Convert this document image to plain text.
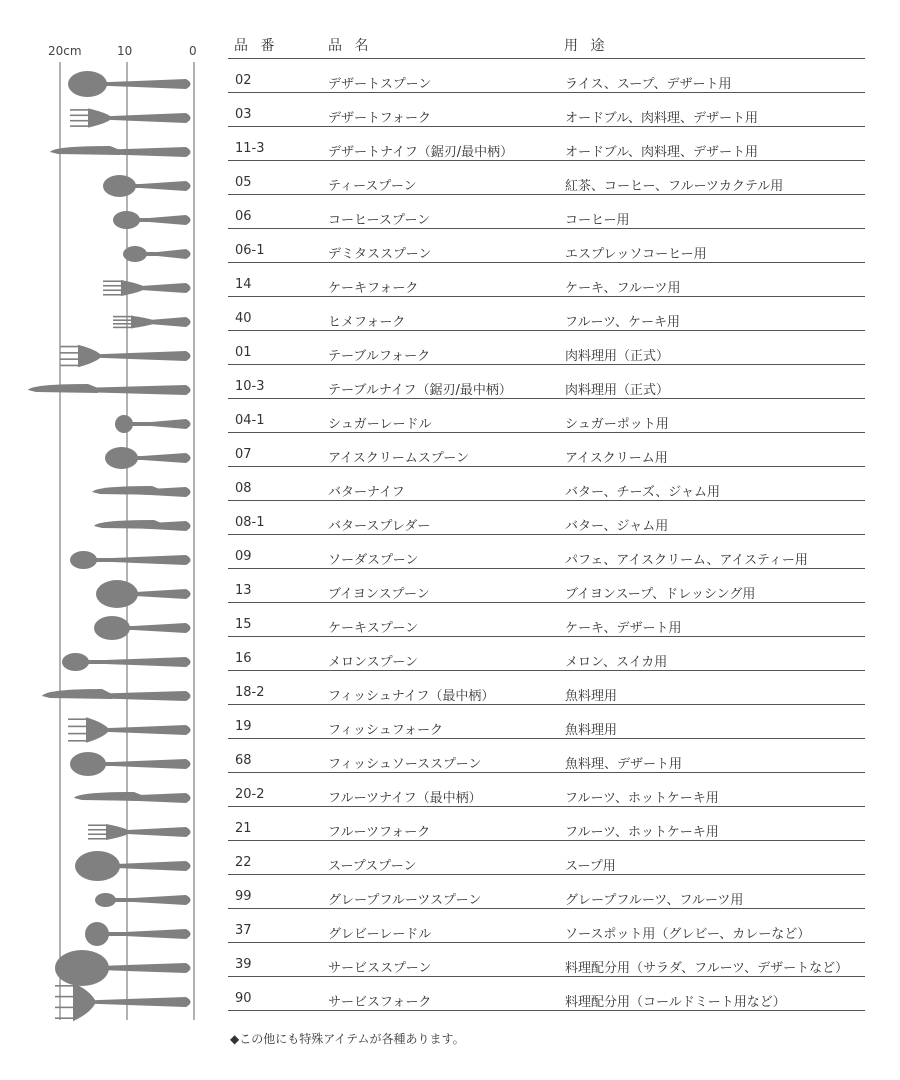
20cm	10	0	品 番	品 名	用 途
02	デザートスプーン	ライス、スープ、デザート用
03	デザートフォーク	オードブル、肉料理、デザート用
11-3	デザートナイフ（鋸刃/最中柄）	オードブル、肉料理、デザート用
05	ティースプーン	紅茶、コーヒー、フルーツカクテル用
06	コーヒースプーン	コーヒー用
06-1	デミタススプーン	エスプレッソコーヒー用
14	ケーキフォーク	ケーキ、フルーツ用
40	ヒメフォーク	フルーツ、ケーキ用
01	テーブルフォーク	肉料理用（正式）
10-3	テーブルナイフ（鋸刃/最中柄）	肉料理用（正式）
04-1	シュガーレードル	シュガーポット用
07	アイスクリームスプーン	アイスクリーム用
08	バターナイフ	バター、チーズ、ジャム用
08-1	バタースプレダー	バター、ジャム用
09	ソーダスプーン	パフェ、アイスクリーム、アイスティー用
13	ブイヨンスプーン	ブイヨンスープ、ドレッシング用
15	ケーキスプーン	ケーキ、デザート用
16	メロンスプーン	メロン、スイカ用
18-2	フィッシュナイフ（最中柄）	魚料理用
19	フィッシュフォーク	魚料理用
68	フィッシュソーススプーン	魚料理、デザート用
20-2	フルーツナイフ（最中柄）	フルーツ、ホットケーキ用
21	フルーツフォーク	フルーツ、ホットケーキ用
22	スープスプーン	スープ用
99	グレープフルーツスプーン	グレープフルーツ、フルーツ用
37	グレビーレードル	ソースポット用（グレビー、カレーなど）
39	サービススプーン	料理配分用（サラダ、フルーツ、デザートなど）
90	サービスフォーク	料理配分用（コールドミート用など）
◆この他にも特殊アイテムが各種あります。
